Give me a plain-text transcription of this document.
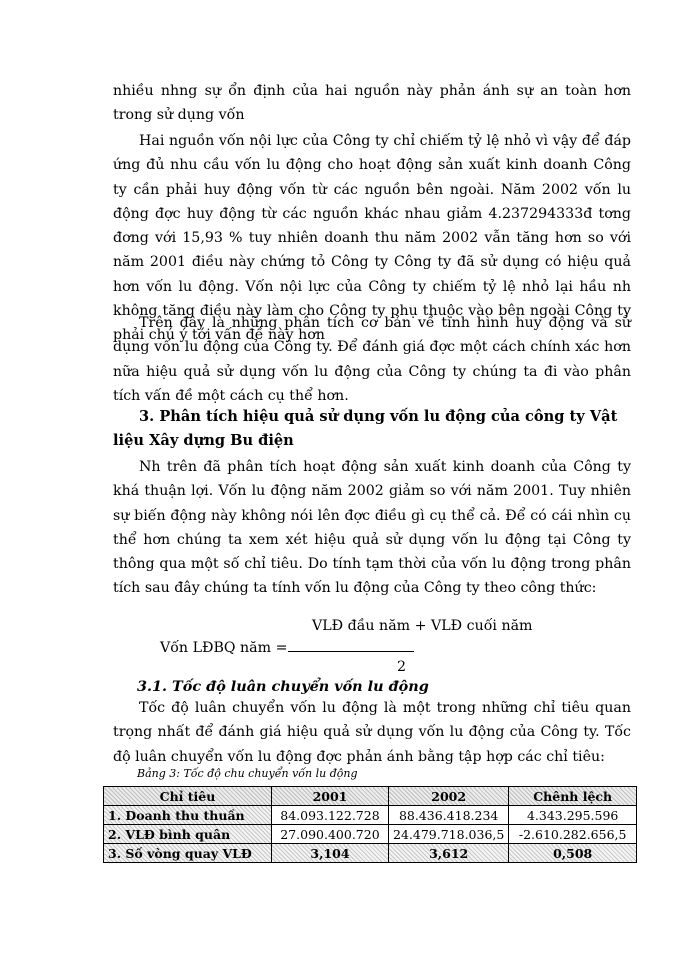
nhiều nhng sự ổn định của hai nguồn này phản ánh sự an toàn hơn trong sử dụng vốn

Hai nguồn vốn nội lực của Công ty chỉ chiếm tỷ lệ nhỏ vì vậy để đáp ứng đủ nhu cầu vốn lu động cho hoạt động sản xuất kinh doanh Công ty cần phải huy động vốn từ các nguồn bên ngoài. Năm 2002 vốn lu động đợc huy động từ các nguồn khác nhau giảm 4.237294333đ tơng đơng với 15,93 % tuy nhiên doanh thu năm 2002 vẫn tăng hơn so với năm 2001 điều này chứng tỏ Công ty Công ty đã sử dụng có hiệu quả hơn vốn lu động. Vốn nội lực của Công ty chiếm tỷ lệ nhỏ lại hầu nh không tăng điều này làm cho Công ty phụ thuộc vào bên ngoài Công ty phải chú ý tới vấn đề này hơn

Trên đây là những phân tích cơ bản về tình hình huy động và sử dụng vốn lu động của Công ty. Để đánh giá đợc một cách chính xác hơn nữa hiệu quả sử dụng vốn lu động của Công ty chúng ta đi vào phân tích vấn đề một cách cụ thể hơn.

3. Phân tích hiệu quả sử dụng vốn lu động của công ty Vật liệu Xây dựng Bu điện

Nh trên đã phân tích hoạt động sản xuất kinh doanh của Công ty khá thuận lợi. Vốn lu động năm 2002 giảm so với năm 2001. Tuy nhiên sự biến động này không nói lên đợc điều gì cụ thể cả. Để có cái nhìn cụ thể hơn chúng ta xem xét hiệu quả sử dụng vốn lu động tại Công ty thông qua một số chỉ tiêu. Do tính tạm thời của vốn lu động trong phân tích sau đây chúng ta tính vốn lu động của Công ty theo công thức:

VLĐ đầu năm + VLĐ cuối năm
Vốn LĐBQ năm =
2
3.1. Tốc độ luân chuyển vốn lu động

Tốc độ luân chuyển vốn lu động là một trong những chỉ tiêu quan trọng nhất để đánh giá hiệu quả sử dụng vốn lu động của Công ty. Tốc độ luân chuyển vốn lu động đợc phản ánh bằng tập hợp các chỉ tiêu:

Bảng 3: Tốc độ chu chuyển vốn lu động
Chỉ tiêu	2001	2002	Chênh lệch
1. Doanh thu thuần	84.093.122.728	88.436.418.234	4.343.295.596
2. VLĐ bình quân	27.090.400.720	24.479.718.036,5	-2.610.282.656,5
3. Số vòng quay VLĐ	3,104	3,612	0,508
